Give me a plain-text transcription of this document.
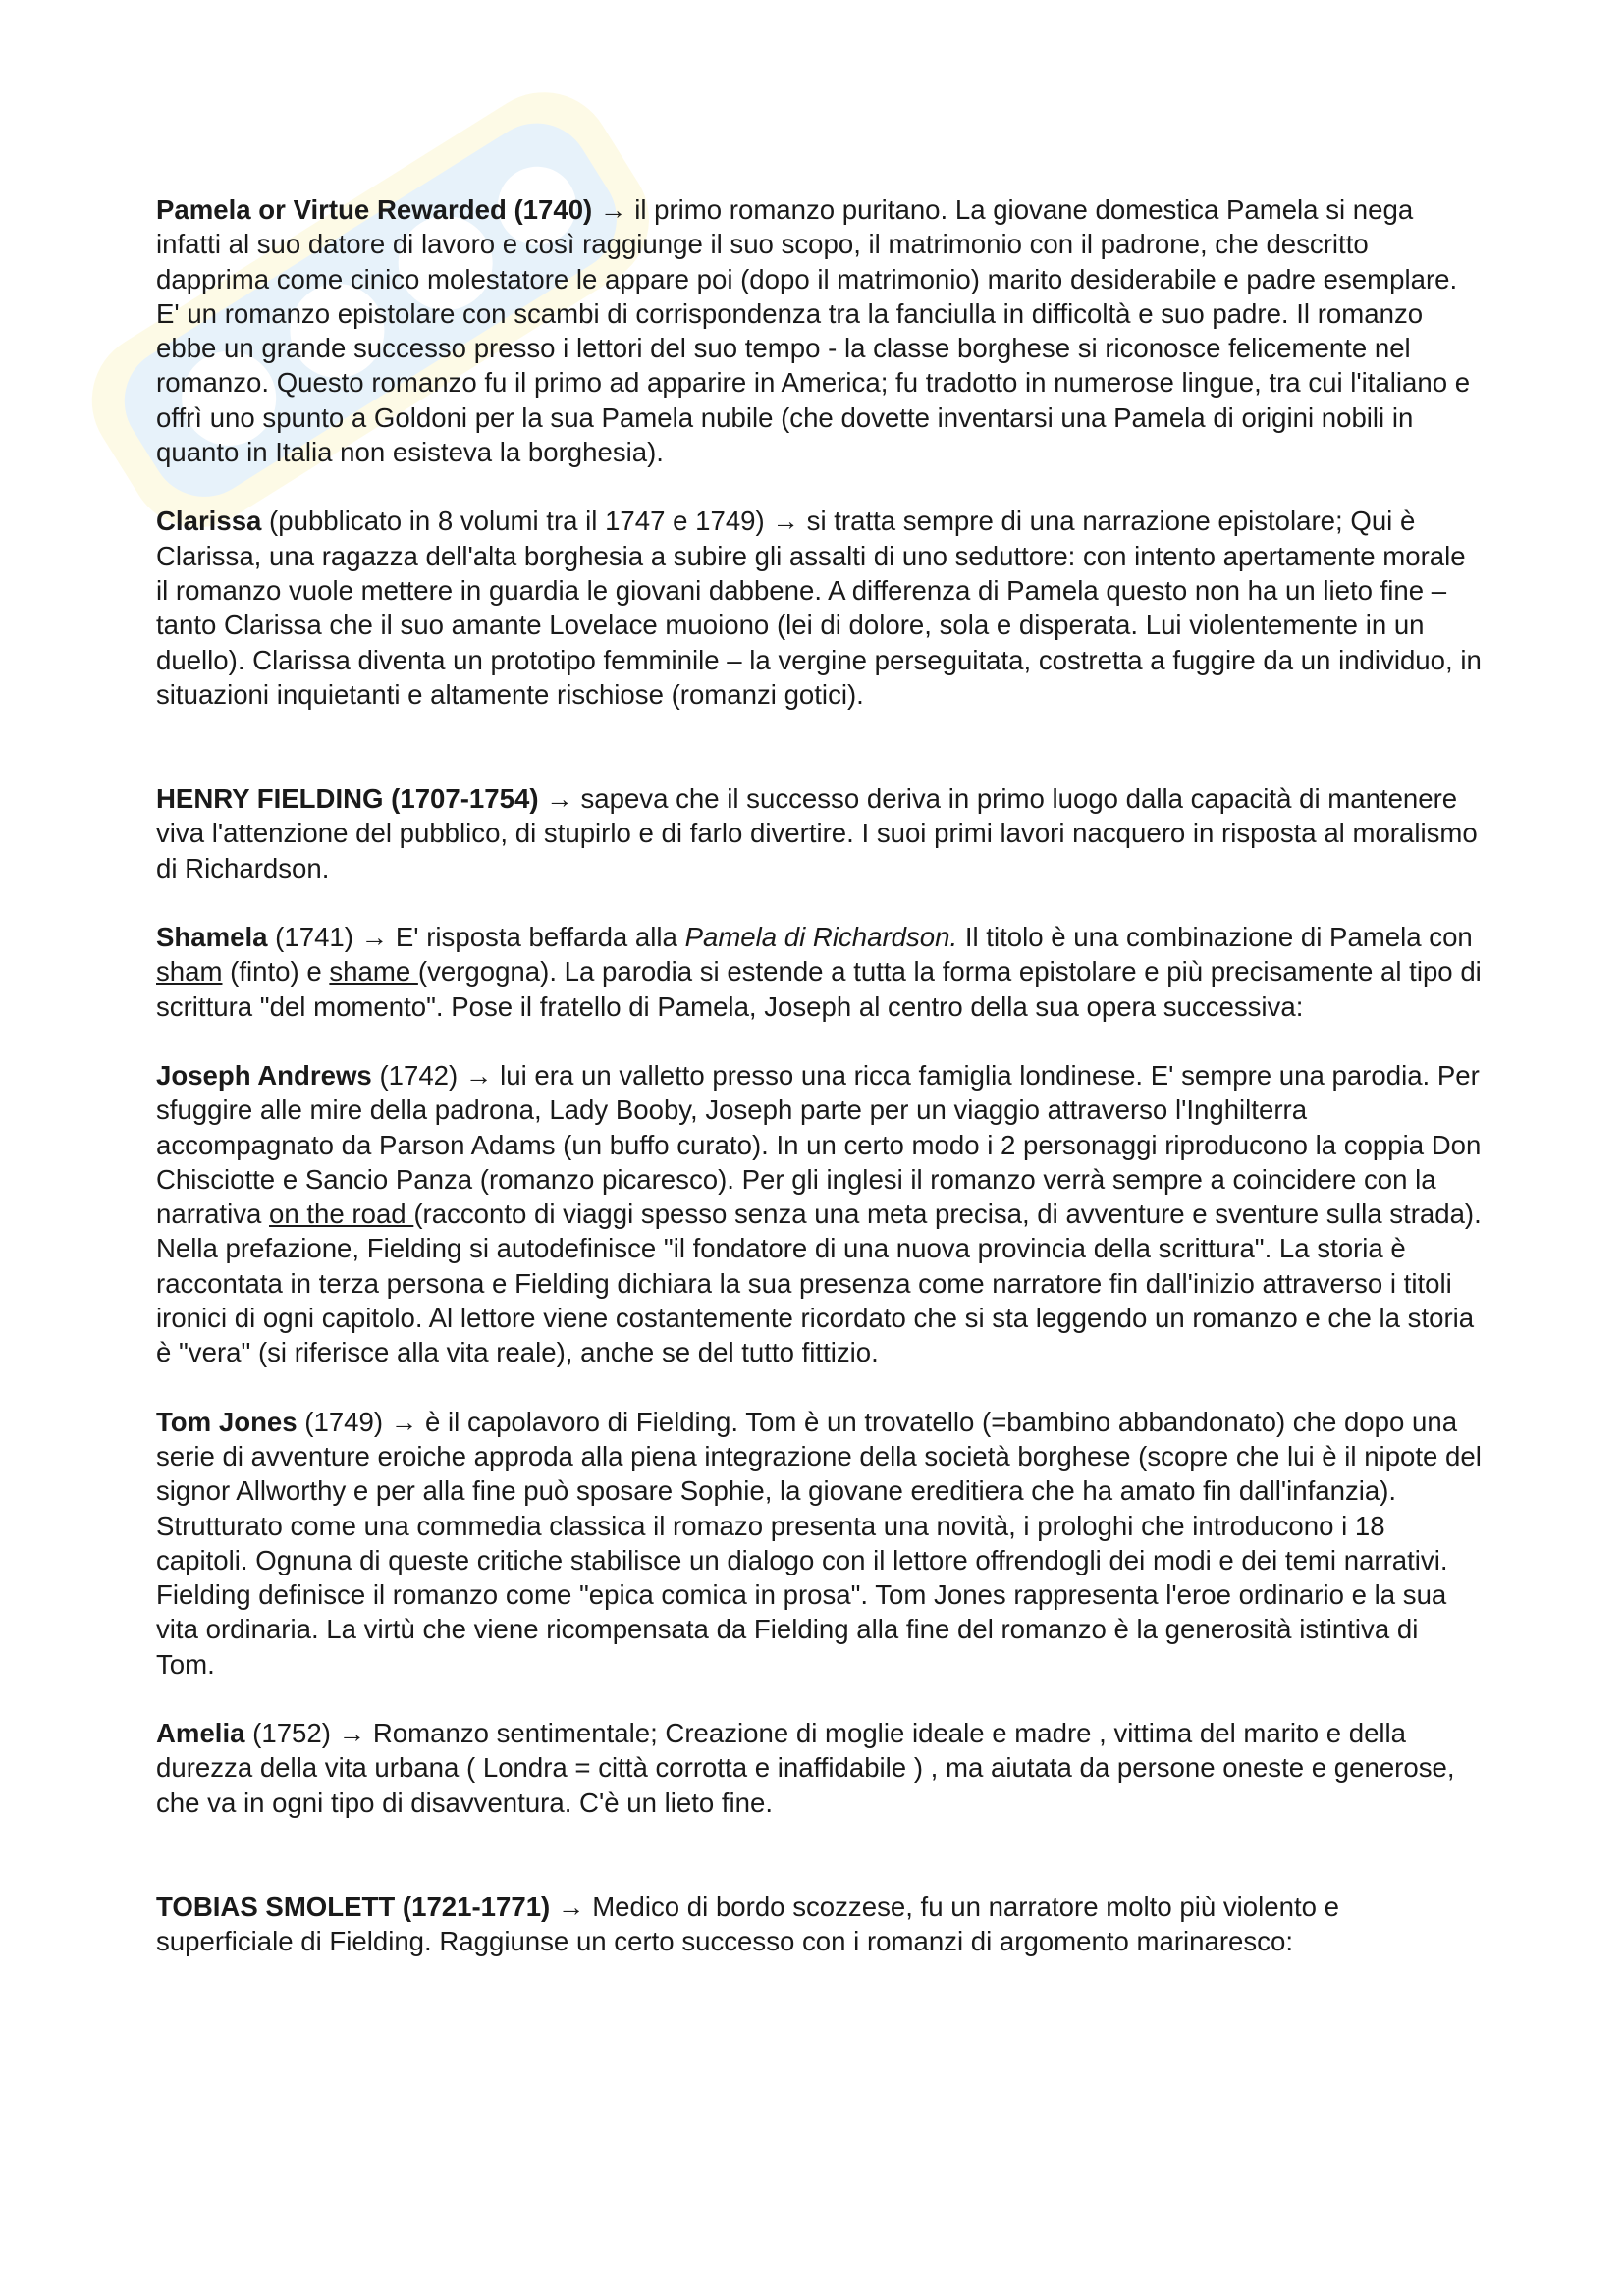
Pamela or Virtue Rewarded (1740) → il primo romanzo puritano. La giovane domestica Pamela si nega infatti al suo datore di lavoro e così raggiunge il suo scopo, il matrimonio con il padrone, che descritto dapprima come cinico molestatore le appare poi (dopo il matrimonio) marito desiderabile e padre esemplare. E' un romanzo epistolare con scambi di corrispondenza tra la fanciulla in difficoltà e suo padre. Il romanzo ebbe un grande successo presso i lettori del suo tempo - la classe borghese si riconosce felicemente nel romanzo. Questo romanzo fu il primo ad apparire in America; fu tradotto in numerose lingue, tra cui l'italiano e offrì uno spunto a Goldoni per la sua Pamela nubile (che dovette inventarsi una Pamela di origini nobili in quanto in Italia non esisteva la borghesia).

Clarissa (pubblicato in 8 volumi tra il 1747 e 1749) → si tratta sempre di una narrazione epistolare; Qui è Clarissa, una ragazza dell'alta borghesia a subire gli assalti di uno seduttore: con intento apertamente morale il romanzo vuole mettere in guardia le giovani dabbene. A differenza di Pamela questo non ha un lieto fine – tanto Clarissa che il suo amante Lovelace muoiono (lei di dolore, sola e disperata. Lui violentemente in un duello). Clarissa diventa un prototipo femminile – la vergine perseguitata, costretta a fuggire da un individuo, in situazioni inquietanti e altamente rischiose (romanzi gotici).

HENRY FIELDING (1707-1754) → sapeva che il successo deriva in primo luogo dalla capacità di mantenere viva l'attenzione del pubblico, di stupirlo e di farlo divertire. I suoi primi lavori nacquero in risposta al moralismo di Richardson.

Shamela (1741) → E' risposta beffarda alla Pamela di Richardson. Il titolo è una combinazione di Pamela con sham (finto) e shame (vergogna). La parodia si estende a tutta la forma epistolare e più precisamente al tipo di scrittura "del momento". Pose il fratello di Pamela, Joseph al centro della sua opera successiva:

Joseph Andrews (1742) → lui era un valletto presso una ricca famiglia londinese. E' sempre una parodia. Per sfuggire alle mire della padrona, Lady Booby, Joseph parte per un viaggio attraverso l'Inghilterra accompagnato da Parson Adams (un buffo curato). In un certo modo i 2 personaggi riproducono la coppia Don Chisciotte e Sancio Panza (romanzo picaresco). Per gli inglesi il romanzo verrà sempre a coincidere con la narrativa on the road (racconto di viaggi spesso senza una meta precisa, di avventure e sventure sulla strada).

Nella prefazione, Fielding si autodefinisce "il fondatore di una nuova provincia della scrittura". La storia è raccontata in terza persona e Fielding dichiara la sua presenza come narratore fin dall'inizio attraverso i titoli ironici di ogni capitolo. Al lettore viene costantemente ricordato che si sta leggendo un romanzo e che la storia è "vera" (si riferisce alla vita reale), anche se del tutto fittizio.

Tom Jones (1749) → è il capolavoro di Fielding. Tom è un trovatello (=bambino abbandonato) che dopo una serie di avventure eroiche approda alla piena integrazione della società borghese (scopre che lui è il nipote del signor Allworthy e per alla fine può sposare Sophie, la giovane ereditiera che ha amato fin dall'infanzia). Strutturato come una commedia classica il romazo presenta una novità, i prologhi che introducono i 18 capitoli. Ognuna di queste critiche stabilisce un dialogo con il lettore offrendogli dei modi e dei temi narrativi. Fielding definisce il romanzo come "epica comica in prosa". Tom Jones rappresenta l'eroe ordinario e la sua vita ordinaria. La virtù che viene ricompensata da Fielding alla fine del romanzo è la generosità istintiva di Tom.

Amelia (1752) → Romanzo sentimentale; Creazione di moglie ideale e madre , vittima del marito e della durezza della vita urbana ( Londra = città corrotta e inaffidabile ) , ma aiutata da persone oneste e generose, che va in ogni tipo di disavventura. C'è un lieto fine.

TOBIAS SMOLETT (1721-1771) → Medico di bordo scozzese, fu un narratore molto più violento e superficiale di Fielding. Raggiunse un certo successo con i romanzi di argomento marinaresco:
